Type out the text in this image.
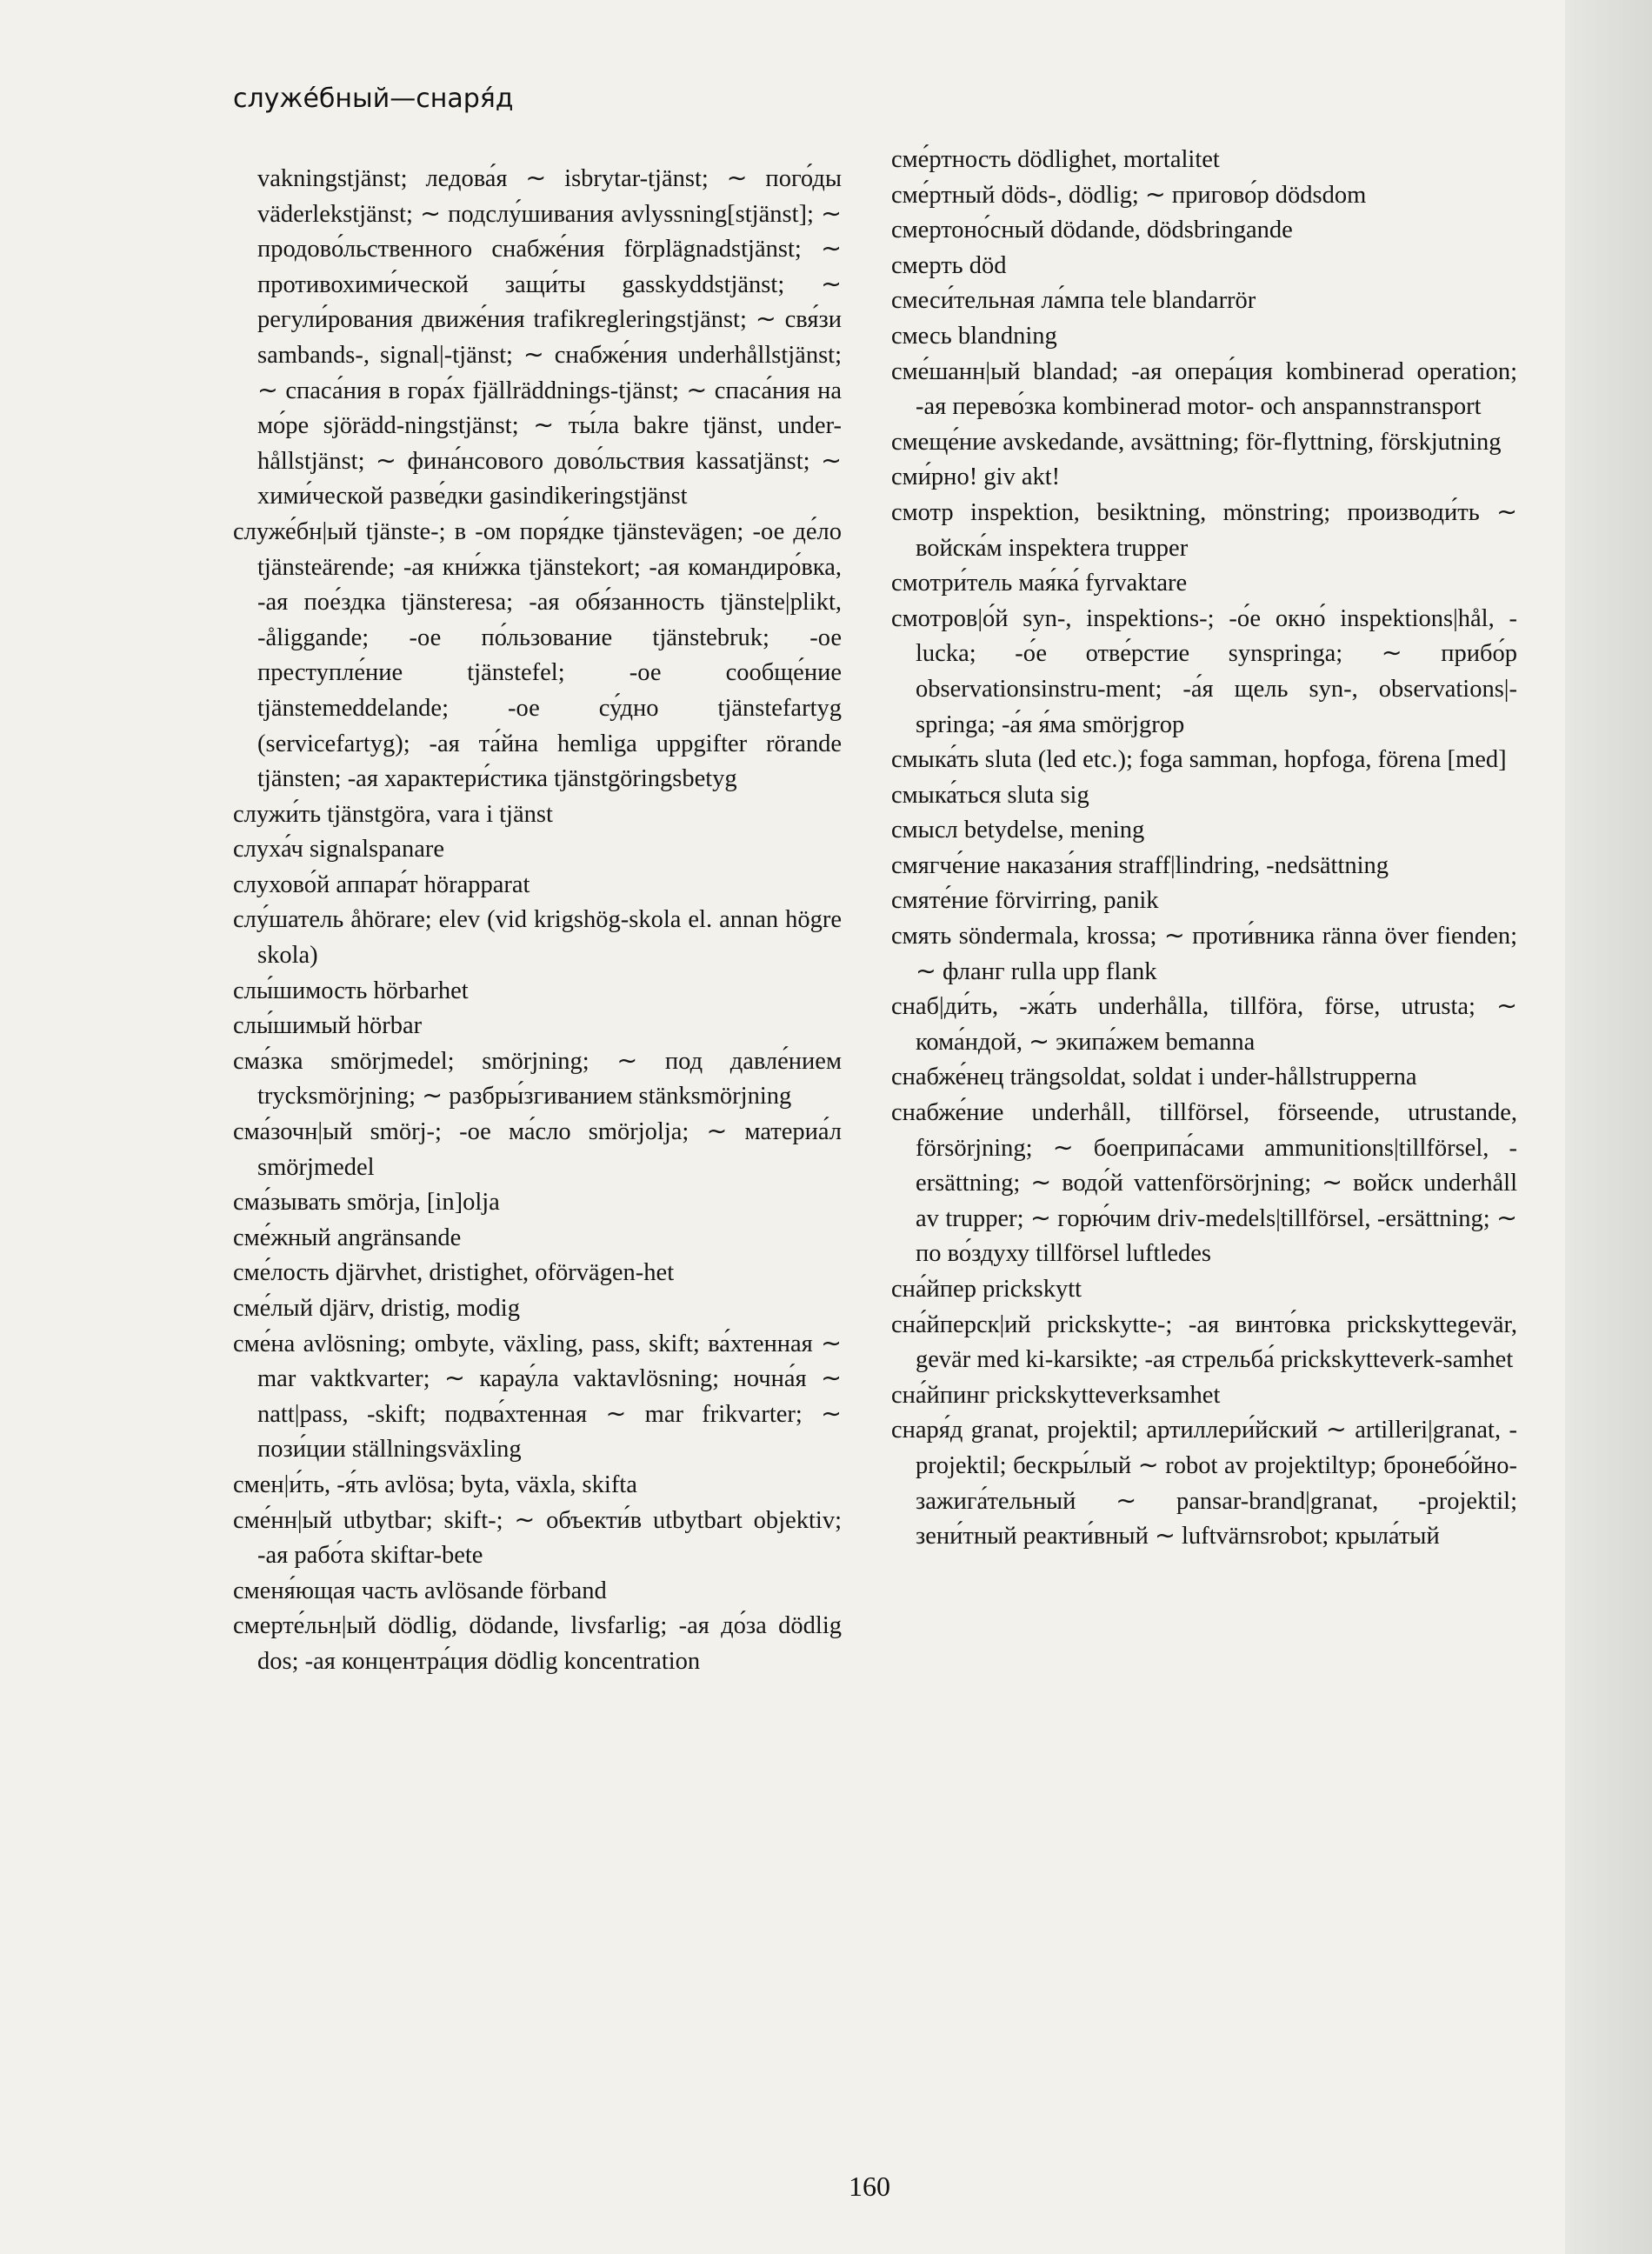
служе́бный—снаря́д

vakningstjänst; ледова́я ∼ isbrytar-tjänst; ∼ пого́ды väderlekstjänst; ∼ подслу́шивания avlyssning[stjänst]; ∼ продово́льственного снабже́ния förplägnadstjänst; ∼ противохими́ческой защи́ты gasskyddstjänst; ∼ регули́рования движе́ния trafikregleringstjänst; ∼ свя́зи sambands-, signal|-tjänst; ∼ снабже́ния underhållstjänst; ∼ спаса́ния в гора́х fjällräddnings-tjänst; ∼ спаса́ния на мо́ре sjörädd-ningstjänst; ∼ ты́ла bakre tjänst, under-hållstjänst; ∼ фина́нсового дово́льствия kassatjänst; ∼ хими́ческой разве́дки gasindikeringstjänst

служе́бн|ый tjänste-; в -ом поря́дке tjänstevägen; -ое де́ло tjänsteärende; -ая кни́жка tjänstekort; -ая командиро́вка, -ая пое́здка tjänsteresa; -ая обя́занность tjänste|plikt, -åliggande; -ое по́льзование tjänstebruk; -ое преступле́ние tjänstefel; -ое сообще́ние tjänstemeddelande; -ое су́дно tjänstefartyg (servicefartyg); -ая та́йна hemliga uppgifter rörande tjänsten; -ая характери́стика tjänstgöringsbetyg

служи́ть tjänstgöra, vara i tjänst

слуха́ч signalspanare

слухово́й аппара́т hörapparat

слу́шатель åhörare; elev (vid krigshög-skola el. annan högre skola)

слы́шимость hörbarhet

слы́шимый hörbar

сма́зка smörjmedel; smörjning; ∼ под давле́нием trycksmörjning; ∼ разбры́згиванием stänksmörjning

сма́зочн|ый smörj-; -ое ма́сло smörjolja; ∼ материа́л smörjmedel

сма́зывать smörja, [in]olja

сме́жный angränsande

сме́лость djärvhet, dristighet, oförvägen-het

сме́лый djärv, dristig, modig

сме́на avlösning; ombyte, växling, pass, skift; ва́хтенная ∼ mar vaktkvarter; ∼ карау́ла vaktavlösning; ночна́я ∼ natt|pass, -skift; подва́хтенная ∼ mar frikvarter; ∼ пози́ции ställningsväxling

смен|и́ть, -я́ть avlösa; byta, växla, skifta

сме́нн|ый utbytbar; skift-; ∼ объекти́в utbytbart objektiv; -ая рабо́та skiftar-bete

сменя́ющая часть avlösande förband

смерте́льн|ый dödlig, dödande, livsfarlig; -ая до́за dödlig dos; -ая концентра́ция dödlig koncentration

сме́ртность dödlighet, mortalitet

сме́ртный döds-, dödlig; ∼ пригово́р dödsdom

смертоно́сный dödande, dödsbringande

смерть död

смеси́тельная ла́мпа tele blandarrör

смесь blandning

сме́шанн|ый blandad; -ая опера́ция kombinerad operation; -ая перево́зка kombinerad motor- och anspannstransport

смеще́ние avskedande, avsättning; för-flyttning, förskjutning

сми́рно! giv akt!

смотр inspektion, besiktning, mönstring; производи́ть ∼ войска́м inspektera trupper

смотри́тель мая́ка́ fyrvaktare

смотров|о́й syn-, inspektions-; -о́е окно́ inspektions|hål, -lucka; -о́е отве́рстие synspringa; ∼ прибо́р observationsinstru-ment; -а́я щель syn-, observations|-springa; -а́я я́ма smörjgrop

смыка́ть sluta (led etc.); foga samman, hopfoga, förena [med]

смыка́ться sluta sig

смысл betydelse, mening

смягче́ние наказа́ния straff|lindring, -nedsättning

смяте́ние förvirring, panik

смять söndermala, krossa; ∼ проти́вника ränna över fienden; ∼ фланг rulla upp flank

снаб|ди́ть, -жа́ть underhålla, tillföra, förse, utrusta; ∼ кома́ндой, ∼ экипа́жем bemanna

снабже́нец trängsoldat, soldat i under-hållstrupperna

снабже́ние underhåll, tillförsel, förseende, utrustande, försörjning; ∼ боеприпа́сами ammunitions|tillförsel, -ersättning; ∼ водо́й vattenförsörjning; ∼ войск underhåll av trupper; ∼ горю́чим driv-medels|tillförsel, -ersättning; ∼ по во́здуху tillförsel luftledes

сна́йпер prickskytt

сна́йперск|ий prickskytte-; -ая винто́вка prickskyttegevär, gevär med ki-karsikte; -ая стрельба́ prickskytteverk-samhet

сна́йпинг prickskytteverksamhet

снаря́д granat, projektil; артиллери́йский ∼ artilleri|granat, -projektil; бескры́лый ∼ robot av projektiltyp; бронебо́йно-зажига́тельный ∼ pansar-brand|granat, -projektil; зени́тный реакти́вный ∼ luftvärnsrobot; крыла́тый

160
